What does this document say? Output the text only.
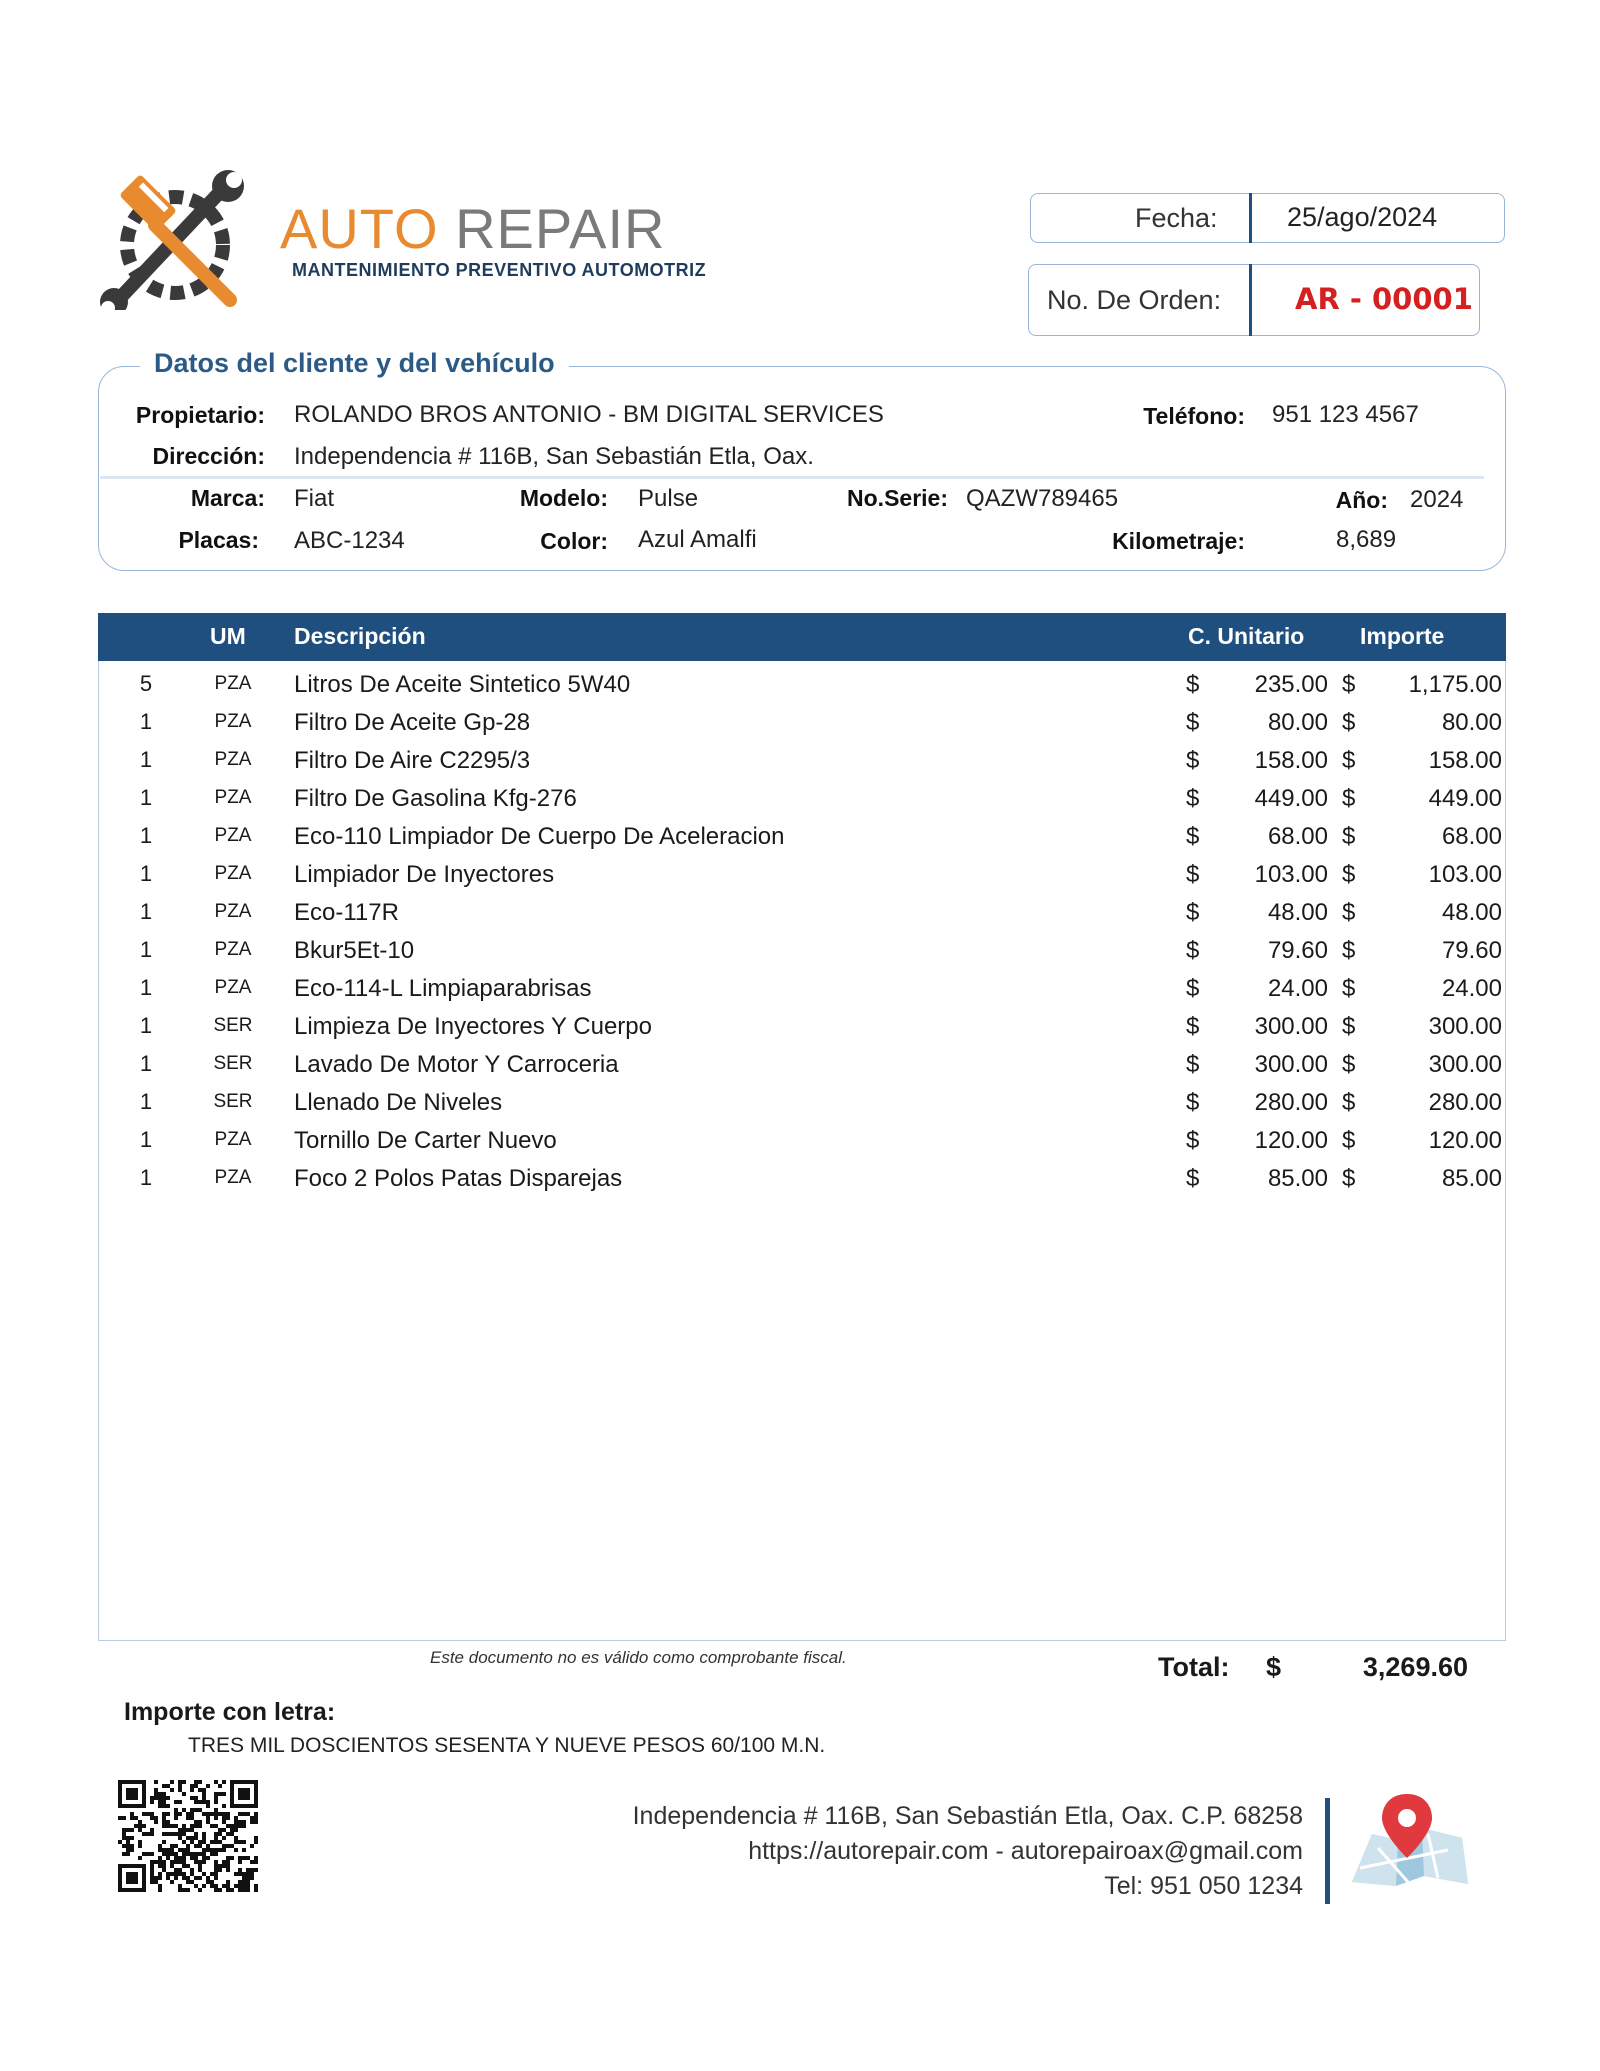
AUTO REPAIR
MANTENIMIENTO PREVENTIVO AUTOMOTRIZ
Fecha:	25/ago/2024
No. De Orden:	AR - 00001
Datos del cliente y del vehículo
Propietario: ROLANDO BROS ANTONIO - BM DIGITAL SERVICES	Teléfono: 951 123 4567
Dirección: Independencia # 116B, San Sebastián Etla, Oax.
Marca: Fiat	Modelo: Pulse	No.Serie: QAZW789465	Año: 2024
Placas: ABC-1234	Color: Azul Amalfi	Kilometraje:	8,689
UM Descripción	C. Unitario Importe
5	PZA Litros De Aceite Sintetico 5W40	$	235.00 $	1,175.00
1	PZA Filtro De Aceite Gp-28	$	80.00 $	80.00
1	PZA Filtro De Aire C2295/3	$	158.00 $	158.00
1	PZA Filtro De Gasolina Kfg-276	$	449.00 $	449.00
1	PZA Eco-110 Limpiador De Cuerpo De Aceleracion	$	68.00 $	68.00
1	PZA Limpiador De Inyectores	$	103.00 $	103.00
1	PZA Eco-117R	$	48.00 $	48.00
1	PZA Bkur5Et-10	$	79.60 $	79.60
1	PZA Eco-114-L Limpiaparabrisas	$	24.00 $	24.00
1	SER Limpieza De Inyectores Y Cuerpo	$	300.00 $	300.00
1	SER Lavado De Motor Y Carroceria	$	300.00 $	300.00
1	SER Llenado De Niveles	$	280.00 $	280.00
1	PZA Tornillo De Carter Nuevo	$	120.00 $	120.00
1	PZA Foco 2 Polos Patas Disparejas	$	85.00 $	85.00
Este documento no es válido como comprobante fiscal.	Total: $	3,269.60
Importe con letra:
TRES MIL DOSCIENTOS SESENTA Y NUEVE PESOS 60/100 M.N.
Independencia # 116B, San Sebastián Etla, Oax. C.P. 68258
https://autorepair.com - autorepairoax@gmail.com
Tel: 951 050 1234
